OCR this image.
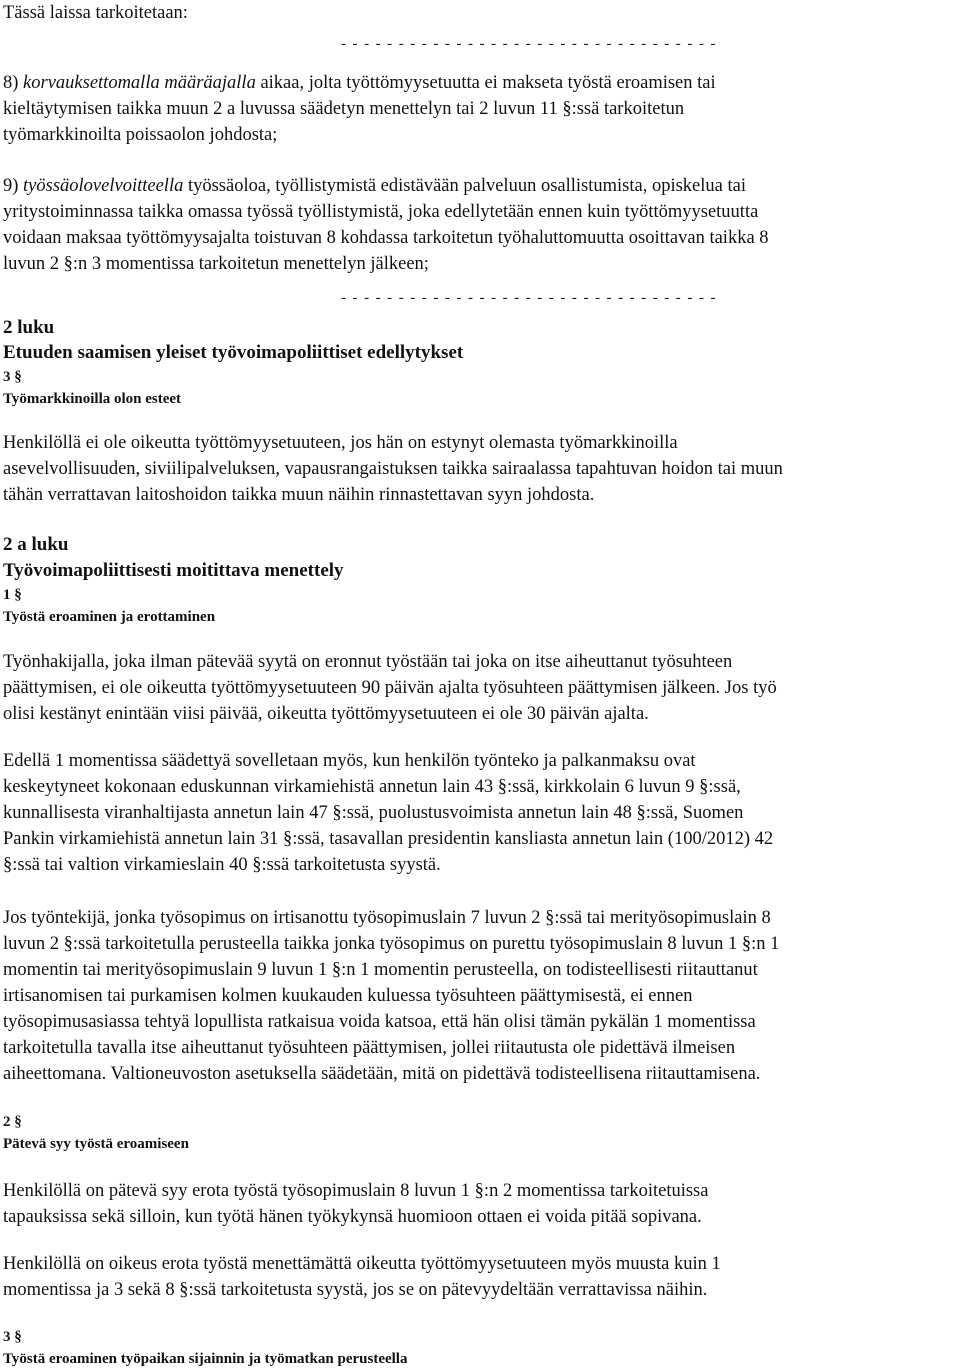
Tässä laissa tarkoitetaan:

- - - - - - - - - - - - - - - - - - - - - - - - - - - - - - - - -

8) korvauksettomalla määräajalla aikaa, jolta työttömyysetuutta ei makseta työstä eroamisen tai

kieltäytymisen taikka muun 2 a luvussa säädetyn menettelyn tai 2 luvun 11 §:ssä tarkoitetun

työmarkkinoilta poissaolon johdosta;

9) työssäolovelvoitteella työssäoloa, työllistymistä edistävään palveluun osallistumista, opiskelua tai

yritystoiminnassa taikka omassa työssä työllistymistä, joka edellytetään ennen kuin työttömyysetuutta

voidaan maksaa työttömyysajalta toistuvan 8 kohdassa tarkoitetun työhaluttomuutta osoittavan taikka 8

luvun 2 §:n 3 momentissa tarkoitetun menettelyn jälkeen;

- - - - - - - - - - - - - - - - - - - - - - - - - - - - - - - - -

2 luku

Etuuden saamisen yleiset työvoimapoliittiset edellytykset

3 §

Työmarkkinoilla olon esteet

Henkilöllä ei ole oikeutta työttömyysetuuteen, jos hän on estynyt olemasta työmarkkinoilla

asevelvollisuuden, siviilipalveluksen, vapausrangaistuksen taikka sairaalassa tapahtuvan hoidon tai muun

tähän verrattavan laitoshoidon taikka muun näihin rinnastettavan syyn johdosta.

2 a luku

Työvoimapoliittisesti moitittava menettely

1 §

Työstä eroaminen ja erottaminen

Työnhakijalla, joka ilman pätevää syytä on eronnut työstään tai joka on itse aiheuttanut työsuhteen

päättymisen, ei ole oikeutta työttömyysetuuteen 90 päivän ajalta työsuhteen päättymisen jälkeen. Jos työ

olisi kestänyt enintään viisi päivää, oikeutta työttömyysetuuteen ei ole 30 päivän ajalta.

Edellä 1 momentissa säädettyä sovelletaan myös, kun henkilön työnteko ja palkanmaksu ovat

keskeytyneet kokonaan eduskunnan virkamiehistä annetun lain 43 §:ssä, kirkkolain 6 luvun 9 §:ssä,

kunnallisesta viranhaltijasta annetun lain 47 §:ssä, puolustusvoimista annetun lain 48 §:ssä, Suomen

Pankin virkamiehistä annetun lain 31 §:ssä, tasavallan presidentin kansliasta annetun lain (100/2012) 42

§:ssä tai valtion virkamieslain 40 §:ssä tarkoitetusta syystä.

Jos työntekijä, jonka työsopimus on irtisanottu työsopimuslain 7 luvun 2 §:ssä tai merityösopimuslain 8

luvun 2 §:ssä tarkoitetulla perusteella taikka jonka työsopimus on purettu työsopimuslain 8 luvun 1 §:n 1

momentin tai merityösopimuslain 9 luvun 1 §:n 1 momentin perusteella, on todisteellisesti riitauttanut

irtisanomisen tai purkamisen kolmen kuukauden kuluessa työsuhteen päättymisestä, ei ennen

työsopimusasiassa tehtyä lopullista ratkaisua voida katsoa, että hän olisi tämän pykälän 1 momentissa

tarkoitetulla tavalla itse aiheuttanut työsuhteen päättymisen, jollei riitautusta ole pidettävä ilmeisen

aiheettomana. Valtioneuvoston asetuksella säädetään, mitä on pidettävä todisteellisena riitauttamisena.

2 §

Pätevä syy työstä eroamiseen

Henkilöllä on pätevä syy erota työstä työsopimuslain 8 luvun 1 §:n 2 momentissa tarkoitetuissa

tapauksissa sekä silloin, kun työtä hänen työkykynsä huomioon ottaen ei voida pitää sopivana.

Henkilöllä on oikeus erota työstä menettämättä oikeutta työttömyysetuuteen myös muusta kuin 1

momentissa ja 3 sekä 8 §:ssä tarkoitetusta syystä, jos se on pätevyydeltään verrattavissa näihin.

3 §

Työstä eroaminen työpaikan sijainnin ja työmatkan perusteella
